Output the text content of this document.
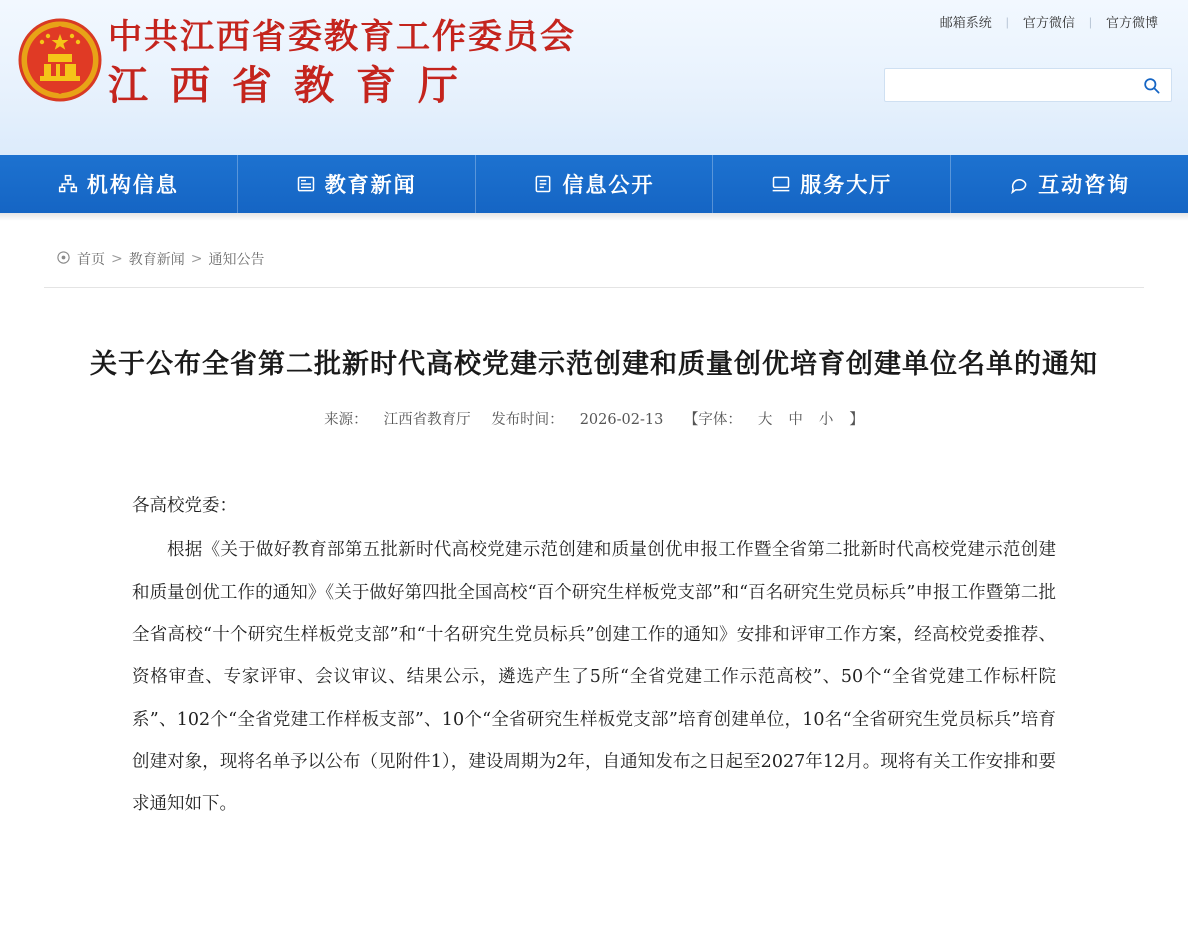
邮箱系统	|	官方微信	|	官方微博
中共江西省委教育工作委员会
江西省教育厅
机构信息	教育新闻	信息公开	服务大厅	互动咨询
首页 > 教育新闻 > 通知公告
关于公布全省第二批新时代高校党建示范创建和质量创优培育创建单位名单的通知
来源： 江西省教育厅 发布时间： 2026-02-13 【字体： 大 中 小 】

各高校党委：

根据《关于做好教育部第五批新时代高校党建示范创建和质量创优申报工作暨全省第二批新时代高校党建示范创建和质量创优工作的通知》《关于做好第四批全国高校“百个研究生样板党支部”和“百名研究生党员标兵”申报工作暨第二批全省高校“十个研究生样板党支部”和“十名研究生党员标兵”创建工作的通知》安排和评审工作方案，经高校党委推荐、资格审查、专家评审、会议审议、结果公示，遴选产生了5所“全省党建工作示范高校”、50个“全省党建工作标杆院系”、102个“全省党建工作样板支部”、10个“全省研究生样板党支部”培育创建单位，10名“全省研究生党员标兵”培育创建对象，现将名单予以公布（见附件1），建设周期为2年，自通知发布之日起至2027年12月。现将有关工作安排和要求通知如下。
